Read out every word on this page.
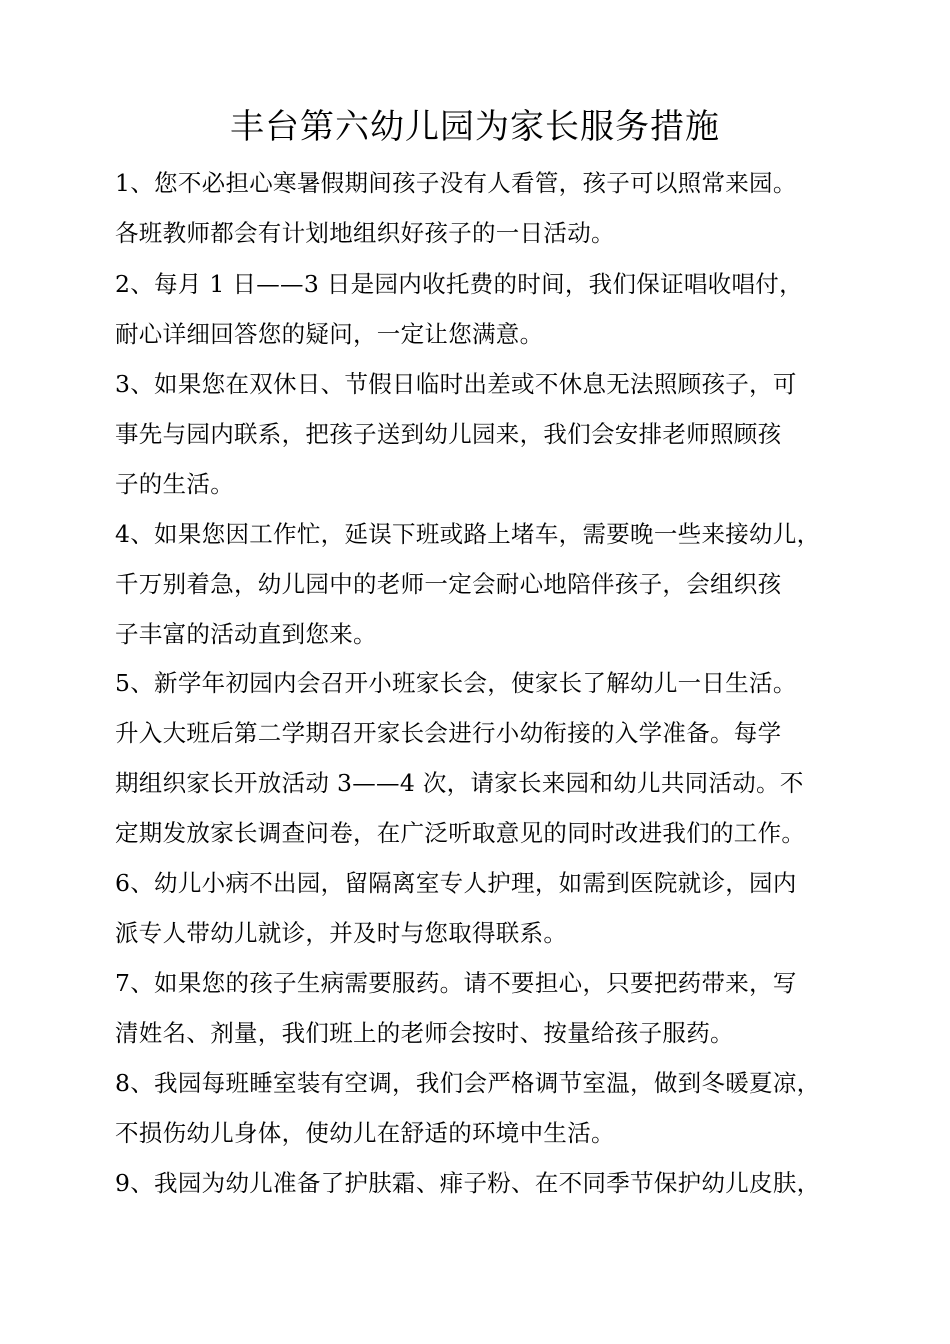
丰台第六幼儿园为家长服务措施
1、您不必担心寒暑假期间孩子没有人看管，孩子可以照常来园。
各班教师都会有计划地组织好孩子的一日活动。
2、每月 1 日——3 日是园内收托费的时间，我们保证唱收唱付，
耐心详细回答您的疑问，一定让您满意。
3、如果您在双休日、节假日临时出差或不休息无法照顾孩子，可
事先与园内联系，把孩子送到幼儿园来，我们会安排老师照顾孩
子的生活。
4、如果您因工作忙，延误下班或路上堵车，需要晚一些来接幼儿，
千万别着急，幼儿园中的老师一定会耐心地陪伴孩子，会组织孩
子丰富的活动直到您来。
5、新学年初园内会召开小班家长会，使家长了解幼儿一日生活。
升入大班后第二学期召开家长会进行小幼衔接的入学准备。每学
期组织家长开放活动 3——4 次，请家长来园和幼儿共同活动。不
定期发放家长调查问卷，在广泛听取意见的同时改进我们的工作。
6、幼儿小病不出园，留隔离室专人护理，如需到医院就诊，园内
派专人带幼儿就诊，并及时与您取得联系。
7、如果您的孩子生病需要服药。请不要担心，只要把药带来，写
清姓名、剂量，我们班上的老师会按时、按量给孩子服药。
8、我园每班睡室装有空调，我们会严格调节室温，做到冬暖夏凉，
不损伤幼儿身体，使幼儿在舒适的环境中生活。
9、我园为幼儿准备了护肤霜、痱子粉、在不同季节保护幼儿皮肤，
